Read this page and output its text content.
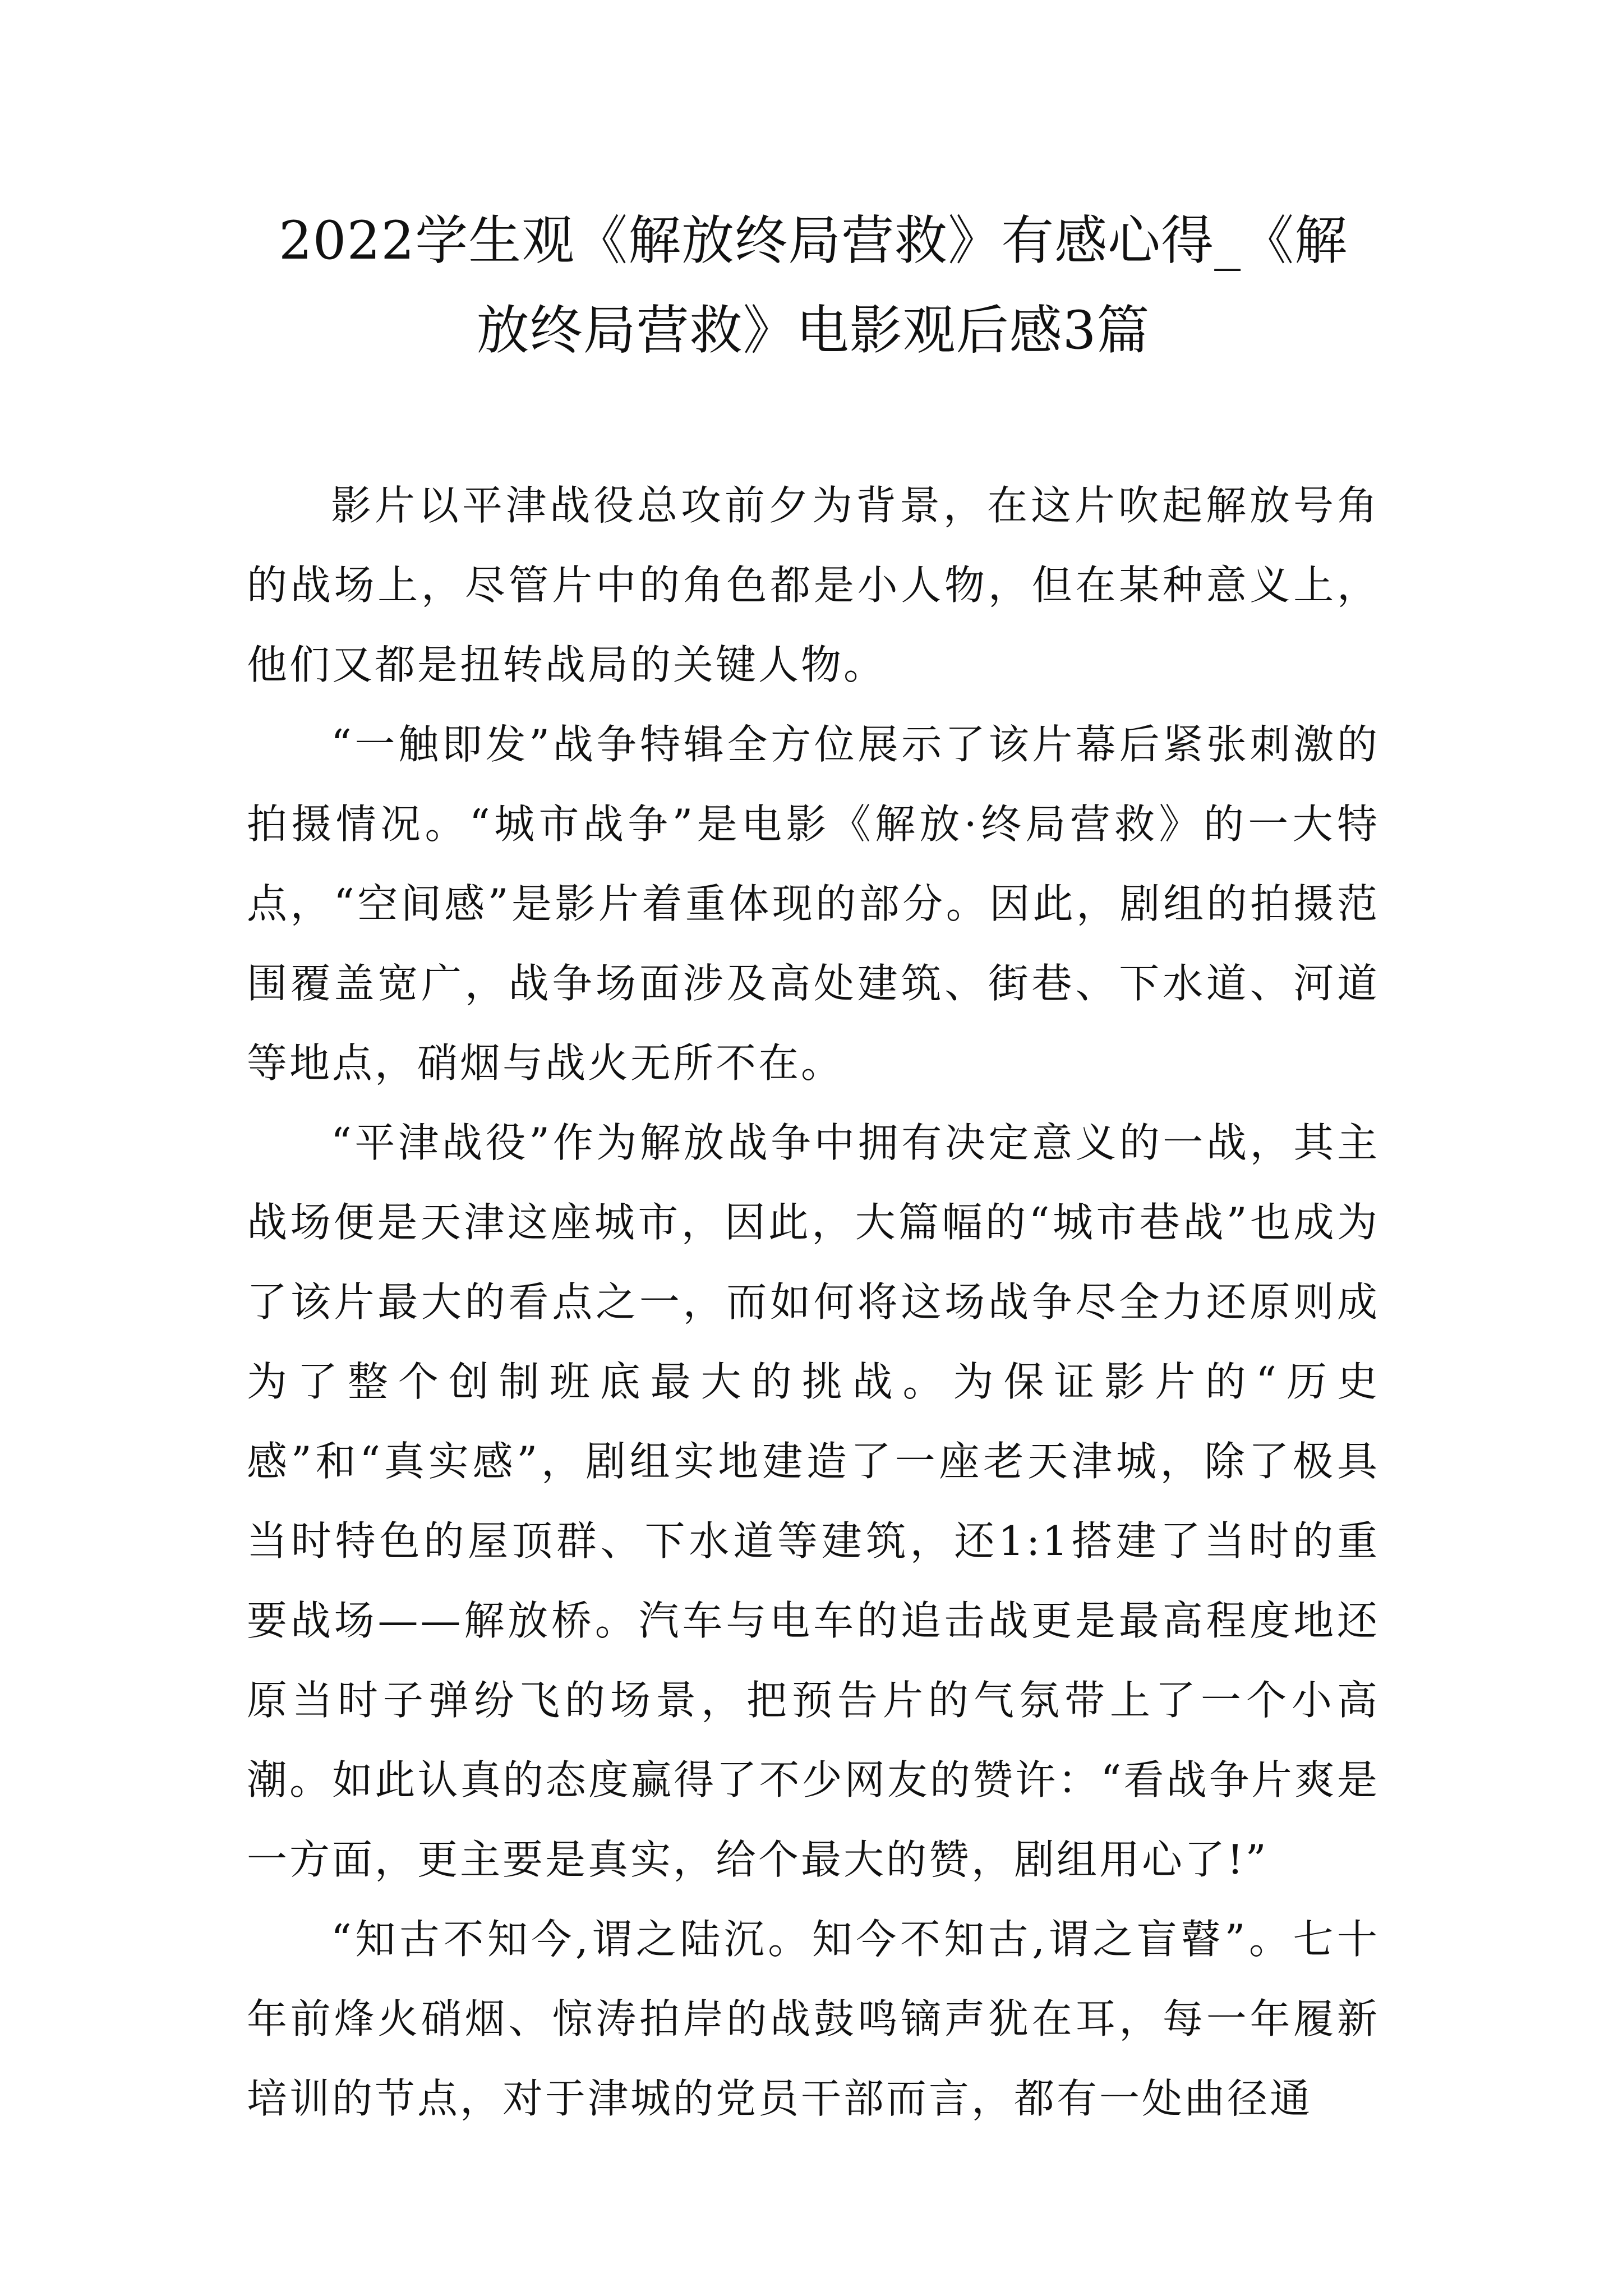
2022学生观《解放终局营救》有感心得_《解
放终局营救》电影观后感3篇

影片以平津战役总攻前夕为背景，在这片吹起解放号角的战场上，尽管片中的角色都是小人物，但在某种意义上，他们又都是扭转战局的关键人物。

“一触即发”战争特辑全方位展示了该片幕后紧张刺激的拍摄情况。“城市战争”是电影《解放·终局营救》的一大特点，“空间感”是影片着重体现的部分。因此，剧组的拍摄范围覆盖宽广，战争场面涉及高处建筑、街巷、下水道、河道等地点，硝烟与战火无所不在。

“平津战役”作为解放战争中拥有决定意义的一战，其主战场便是天津这座城市，因此，大篇幅的“城市巷战”也成为了该片最大的看点之一，而如何将这场战争尽全力还原则成为了整个创制班底最大的挑战。为保证影片的“历史感”和“真实感”，剧组实地建造了一座老天津城，除了极具当时特色的屋顶群、下水道等建筑，还1:1搭建了当时的重要战场——解放桥。汽车与电车的追击战更是最高程度地还原当时子弹纷飞的场景，把预告片的气氛带上了一个小高潮。如此认真的态度赢得了不少网友的赞许：“看战争片爽是一方面，更主要是真实，给个最大的赞，剧组用心了!”

“知古不知今,谓之陆沉。知今不知古,谓之盲瞽”。七十年前烽火硝烟、惊涛拍岸的战鼓鸣镝声犹在耳，每一年履新培训的节点，对于津城的党员干部而言，都有一处曲径通
